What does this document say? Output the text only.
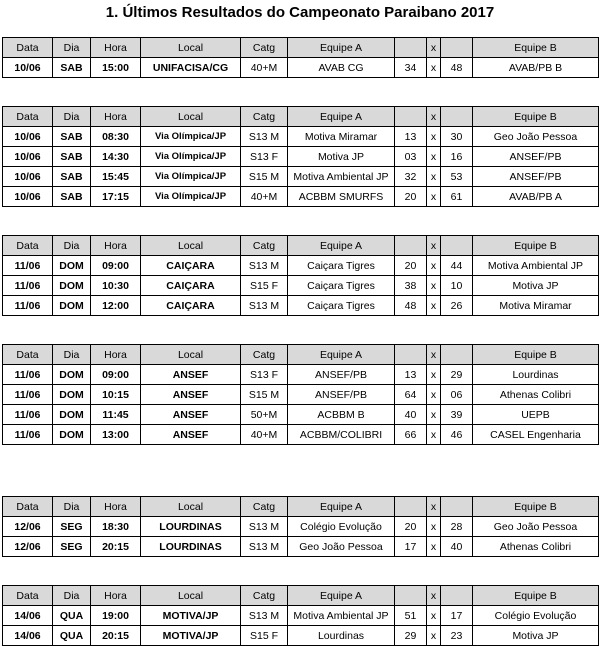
1. Últimos Resultados do Campeonato Paraibano 2017
Data	Dia	Hora	Local	Catg	Equipe A		x		Equipe B
10/06	SAB	15:00	UNIFACISA/CG	40+M	AVAB CG	34	x	48	AVAB/PB B
Data	Dia	Hora	Local	Catg	Equipe A		x		Equipe B
10/06	SAB	08:30	Via Olímpica/JP	S13 M	Motiva Miramar	13	x	30	Geo João Pessoa
10/06	SAB	14:30	Via Olímpica/JP	S13 F	Motiva JP	03	x	16	ANSEF/PB
10/06	SAB	15:45	Via Olímpica/JP	S15 M	Motiva Ambiental JP	32	x	53	ANSEF/PB
10/06	SAB	17:15	Via Olímpica/JP	40+M	ACBBM SMURFS	20	x	61	AVAB/PB A
Data	Dia	Hora	Local	Catg	Equipe A		x		Equipe B
11/06	DOM	09:00	CAIÇARA	S13 M	Caiçara Tigres	20	x	44	Motiva Ambiental JP
11/06	DOM	10:30	CAIÇARA	S15 F	Caiçara Tigres	38	x	10	Motiva JP
11/06	DOM	12:00	CAIÇARA	S13 M	Caiçara Tigres	48	x	26	Motiva Miramar
Data	Dia	Hora	Local	Catg	Equipe A		x		Equipe B
11/06	DOM	09:00	ANSEF	S13 F	ANSEF/PB	13	x	29	Lourdinas
11/06	DOM	10:15	ANSEF	S15 M	ANSEF/PB	64	x	06	Athenas Colibri
11/06	DOM	11:45	ANSEF	50+M	ACBBM B	40	x	39	UEPB
11/06	DOM	13:00	ANSEF	40+M	ACBBM/COLIBRI	66	x	46	CASEL Engenharia
Data	Dia	Hora	Local	Catg	Equipe A		x		Equipe B
12/06	SEG	18:30	LOURDINAS	S13 M	Colégio Evolução	20	x	28	Geo João Pessoa
12/06	SEG	20:15	LOURDINAS	S13 M	Geo João Pessoa	17	x	40	Athenas Colibri
Data	Dia	Hora	Local	Catg	Equipe A		x		Equipe B
14/06	QUA	19:00	MOTIVA/JP	S13 M	Motiva Ambiental JP	51	x	17	Colégio Evolução
14/06	QUA	20:15	MOTIVA/JP	S15 F	Lourdinas	29	x	23	Motiva JP
